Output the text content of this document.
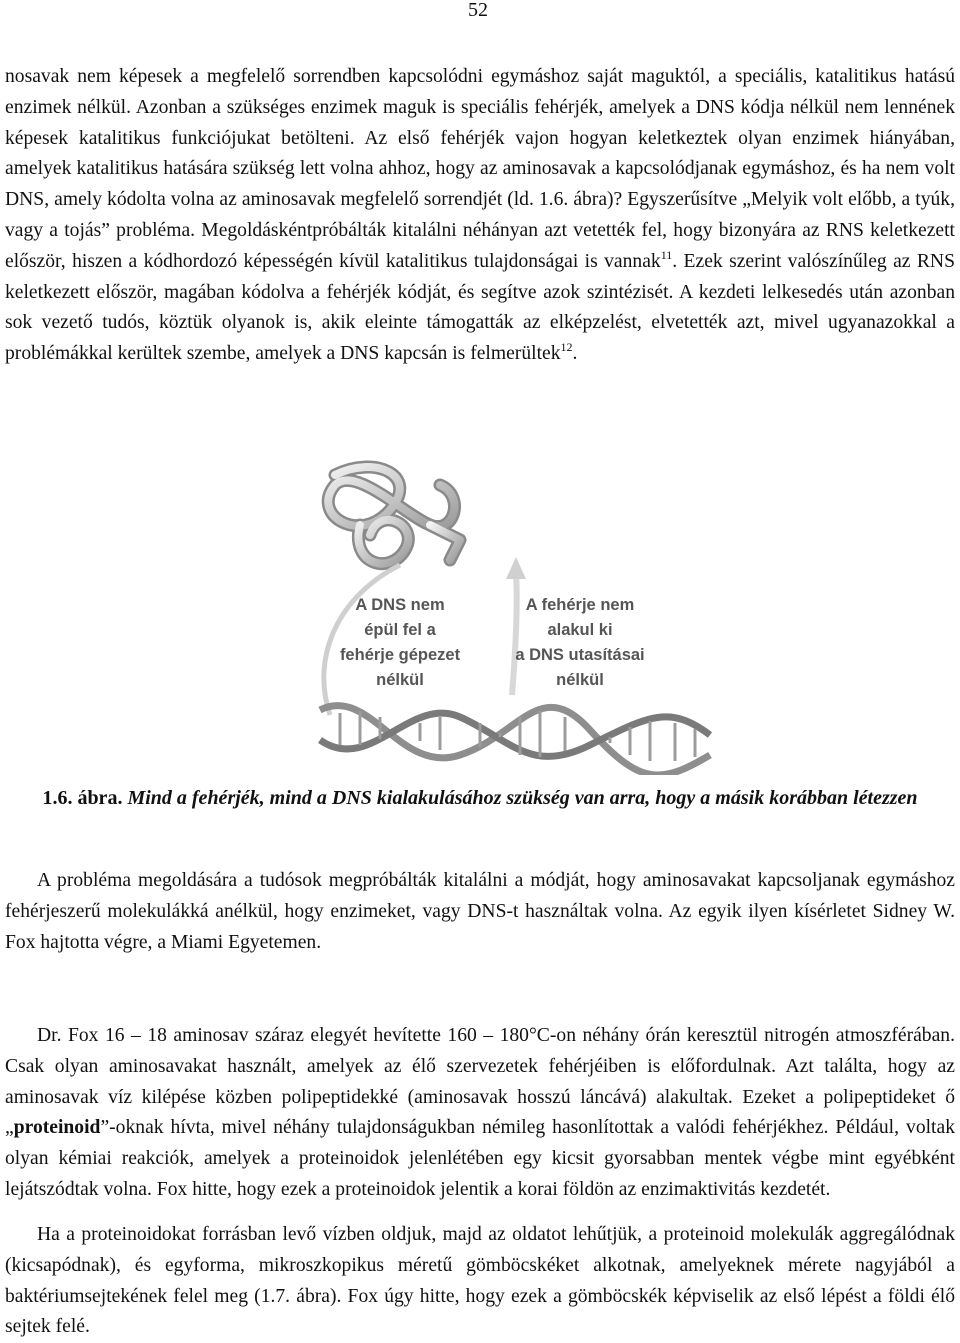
52

nosavak nem képesek a megfelelő sorrendben kapcsolódni egymáshoz saját maguktól, a speciális, katalitikus hatású enzimek nélkül. Azonban a szükséges enzimek maguk is speciális fehérjék, amelyek a DNS kódja nélkül nem lennének képesek katalitikus funkciójukat betölteni. Az első fehérjék vajon hogyan keletkeztek olyan enzimek hiányában, amelyek katalitikus hatására szükség lett volna ahhoz, hogy az aminosavak a kapcsolódjanak egymáshoz, és ha nem volt DNS, amely kódolta volna az aminosavak megfelelő sorrendjét (ld. 1.6. ábra)? Egyszerűsítve „Melyik volt előbb, a tyúk, vagy a tojás” probléma. Megoldásként​próbálták kitalálni néhányan azt vetették fel, hogy bizonyára az RNS keletkezett először, hiszen a kódhordozó képességén kívül katalitikus tulajdonságai is vannak$^{11}$. Ezek szerint valószínűleg az RNS keletkezett először, magában kódolva a fehérjék kódját, és segítve azok szintézisét. A kezdeti lelkesedés után azonban sok vezető tudós, köztük olyanok is, akik eleinte támogatták az elképzelést, elvetették azt, mivel ugyanazokkal a problémákkal kerültek szembe, amelyek a DNS kapcsán is felmerültek$^{12}$.

A DNS nem
épül fel a
fehérje gépezet
nélkül
A fehérje nem
alakul ki
a DNS utasításai
nélkül

1.6. ábra. Mind a fehérjék, mind a DNS kialakulásához szükség van arra, hogy a másik korábban létezzen

A probléma megoldására a tudósok megpróbálták kitalálni a módját, hogy aminosavakat kapcsoljanak egymáshoz fehérjeszerű molekulákká anélkül, hogy enzimeket, vagy DNS-t használtak volna. Az egyik ilyen kísérletet Sidney W. Fox hajtotta végre, a Miami Egyetemen.

Dr. Fox 16 – 18 aminosav száraz elegyét hevítette 160 – 180°C-on néhány órán keresztül nitrogén atmoszférában. Csak olyan aminosavakat használt, amelyek az élő szervezetek fehérjéiben is előfordulnak. Azt találta, hogy az aminosavak víz kilépése közben polipeptidekké (aminosavak hosszú láncává) alakultak. Ezeket a polipeptideket ő „proteinoid”-oknak hívta, mivel néhány tulajdonságukban némileg hasonlítottak a valódi fehérjékhez. Például, voltak olyan kémiai reakciók, amelyek a proteinoidok jelenlétében egy kicsit gyorsabban mentek végbe mint egyébként lejátszódtak volna. Fox hitte, hogy ezek a proteinoidok jelentik a korai földön az enzimaktivitás kezdetét.

Ha a proteinoidokat forrásban levő vízben oldjuk, majd az oldatot lehűtjük, a proteinoid molekulák aggregálódnak (kicsapódnak), és egyforma, mikroszkopikus méretű gömböcskéket alkotnak, amelyeknek mérete nagyjából a baktériumsejtekének felel meg (1.7. ábra). Fox úgy hitte, hogy ezek a gömböcskék képviselik az első lépést a földi élő sejtek felé.
